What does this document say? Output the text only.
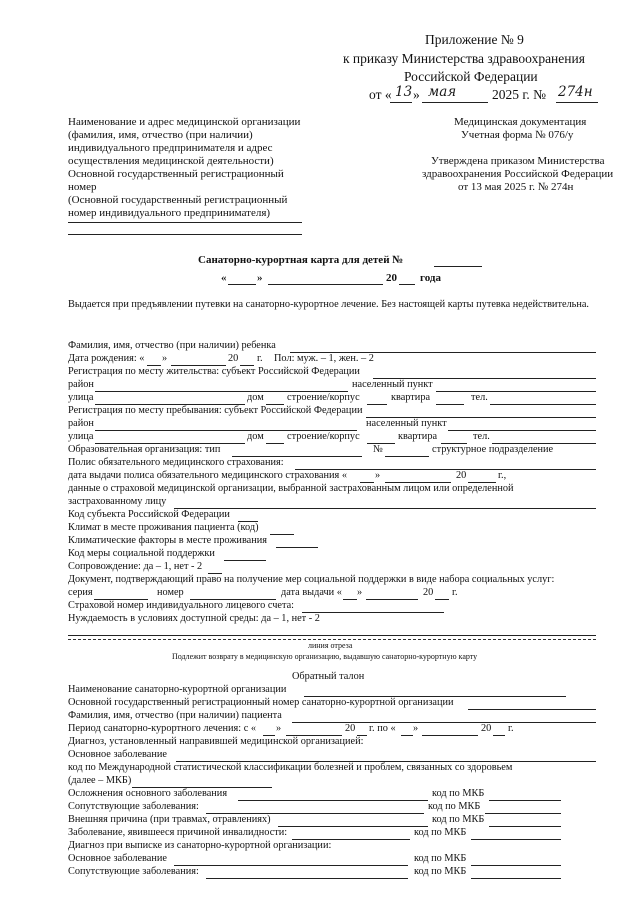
Приложение № 9
к приказу Министерства здравоохранения
Российской Федерации
от « 13 » мая	2025 г. № 274н
Наименование и адрес медицинской организации
(фамилия, имя, отчество (при наличии)
индивидуального предпринимателя и адрес
осуществления медицинской деятельности)
Основной государственный регистрационный
номер
(Основной государственный регистрационный
номер индивидуального предпринимателя)
Медицинская документация
Учетная форма № 076/у
Утверждена приказом Министерства
здравоохранения Российской Федерации
от 13 мая 2025 г. № 274н
Санаторно-курортная карта для детей №
«	»	20 года
Выдается при предъявлении путевки на санаторно-курортное лечение. Без настоящей карты путевка недействительна.
Фамилия, имя, отчество (при наличии) ребенка
Дата рождения: « »	20 г. Пол: муж. – 1, жен. – 2
Регистрация по месту жительства: субъект Российской Федерации
район	населенный пункт
улица	дом строение/корпус	квартира	тел.
Регистрация по месту пребывания: субъект Российской Федерации
район	населенный пункт
улица	дом строение/корпус	квартира	тел.
Образовательная организация: тип	№	структурное подразделение
Полис обязательного медицинского страхования:
дата выдачи полиса обязательного медицинского страхования «	»	20	г.,
данные о страховой медицинской организации, выбранной застрахованным лицом или определенной
застрахованному лицу
Код субъекта Российской Федерации
Климат в месте проживания пациента (код)
Климатические факторы в месте проживания
Код меры социальной поддержки
Сопровождение: да – 1, нет - 2
Документ, подтверждающий право на получение мер социальной поддержки в виде набора социальных услуг:
серия	номер	дата выдачи « »	20 г.
Страховой номер индивидуального лицевого счета:
Нуждаемость в условиях доступной среды: да – 1, нет - 2
линия отреза
Подлежит возврату в медицинскую организацию, выдавшую санаторно-курортную карту
Обратный талон
Наименование санаторно-курортной организации
Основной государственный регистрационный номер санаторно-курортной организации
Фамилия, имя, отчество (при наличии) пациента
Период санаторно-курортного лечения: с « »	20 г. по « »	20 г.
Диагноз, установленный направившей медицинской организацией:
Основное заболевание
код по Международной статистической классификации болезней и проблем, связанных со здоровьем
(далее – МКБ)
Осложнения основного заболевания	код по МКБ
Сопутствующие заболевания:	код по МКБ
Внешняя причина (при травмах, отравлениях)	код по МКБ
Заболевание, явившееся причиной инвалидности:	код по МКБ
Диагноз при выписке из санаторно-курортной организации:
Основное заболевание	код по МКБ
Сопутствующие заболевания:	код по МКБ
